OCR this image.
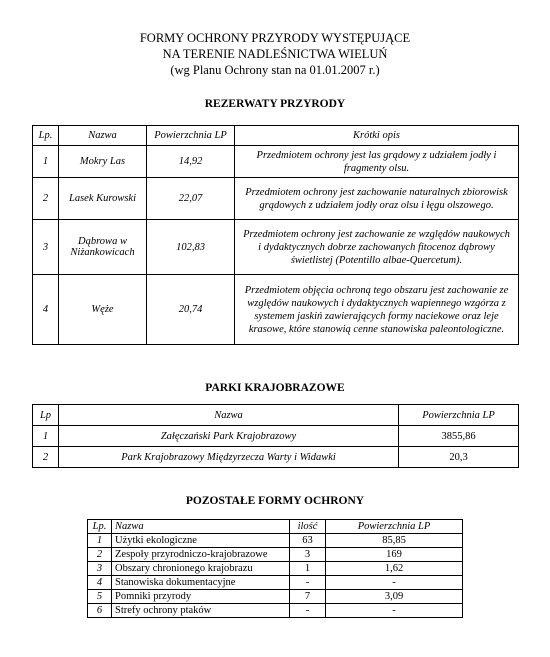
FORMY OCHRONY PRZYRODY WYSTĘPUJĄCE
NA TERENIE NADLEŚNICTWA WIELUŃ
(wg Planu Ochrony stan na 01.01.2007 r.)
REZERWATY PRZYRODY
Lp.	Nazwa	Powierzchnia LP	Krótki opis
1	Mokry Las	14,92	Przedmiotem ochrony jest las grądowy z udziałem jodły i fragmenty olsu.
2	Lasek Kurowski	22,07	Przedmiotem ochrony jest zachowanie naturalnych zbiorowisk grądowych z udziałem jodły oraz olsu i łęgu olszowego.
3	Dąbrowa w Niżankowicach	102,83	Przedmiotem ochrony jest zachowanie ze względów naukowych i dydaktycznych dobrze zachowanych fitocenoz dąbrowy świetlistej (Potentillo albae-Quercetum).
4	Węże	20,74	Przedmiotem objęcia ochroną tego obszaru jest zachowanie ze względów naukowych i dydaktycznych wapiennego wzgórza z systemem jaskiń zawierających formy naciekowe oraz leje krasowe, które stanowią cenne stanowiska paleontologiczne.
PARKI KRAJOBRAZOWE
Lp	Nazwa	Powierzchnia LP
1	Załęczański Park Krajobrazowy	3855,86
2	Park Krajobrazowy Międzyrzecza Warty i Widawki	20,3
POZOSTAŁE FORMY OCHRONY
Lp.	Nazwa	ilość	Powierzchnia LP
1	Użytki ekologiczne	63	85,85
2	Zespoły przyrodniczo-krajobrazowe	3	169
3	Obszary chronionego krajobrazu	1	1,62
4	Stanowiska dokumentacyjne	-	-
5	Pomniki przyrody	7	3,09
6	Strefy ochrony ptaków	-	-
